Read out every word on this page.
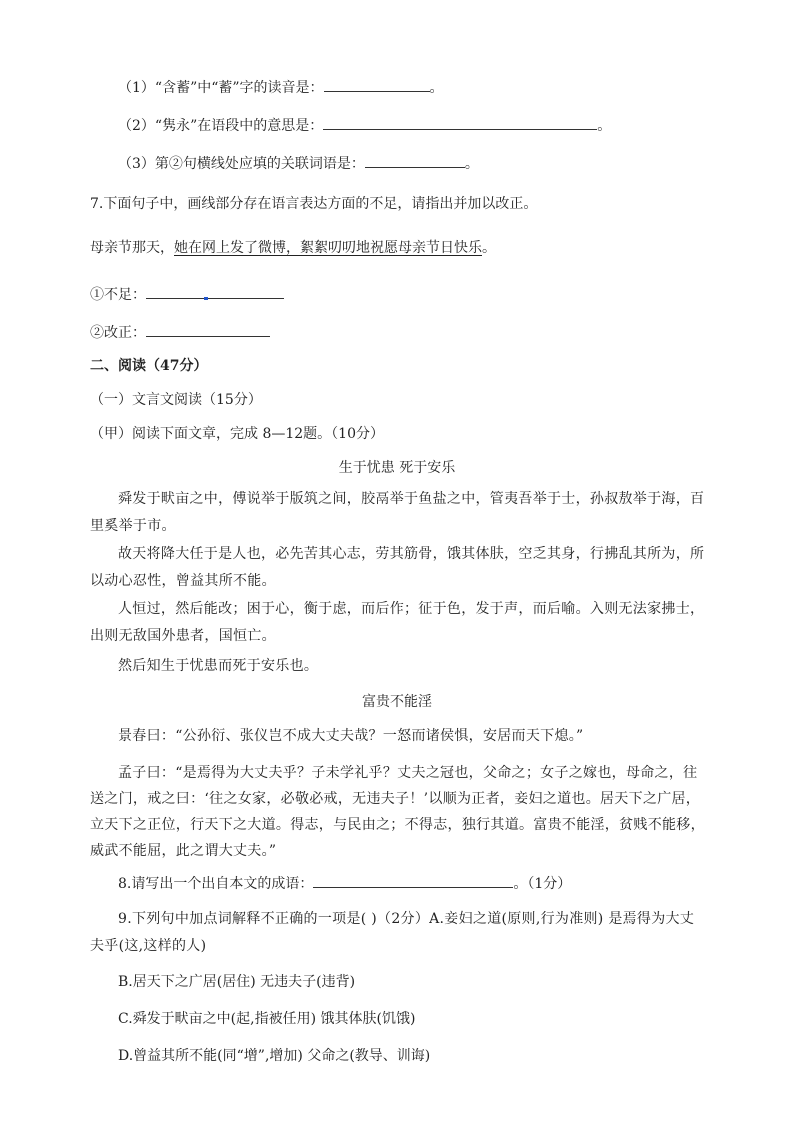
（1）“含蓄”中“蓄”字的读音是：	。
（2）“隽永”在语段中的意思是：	。
（3）第②句横线处应填的关联词语是：	。
7.下面句子中，画线部分存在语言表达方面的不足，请指出并加以改正。
母亲节那天，她在网上发了微博，絮絮叨叨地祝愿母亲节日快乐。
①不足：
②改正：
二、阅读（47分）
（一）文言文阅读（15分）
（甲）阅读下面文章，完成 8—12题。（10分）
生于忧患 死于安乐
舜发于畎亩之中，傅说举于版筑之间，胶鬲举于鱼盐之中，管夷吾举于士，孙叔敖举于海，百里奚举于市。
故天将降大任于是人也，必先苦其心志，劳其筋骨，饿其体肤，空乏其身，行拂乱其所为，所以动心忍性，曾益其所不能。
人恒过，然后能改；困于心，衡于虑，而后作；征于色，发于声，而后喻。入则无法家拂士，出则无敌国外患者，国恒亡。
然后知生于忧患而死于安乐也。
富贵不能淫
景春曰：“公孙衍、张仪岂不成大丈夫哉？一怒而诸侯惧，安居而天下熄。”
孟子曰：“是焉得为大丈夫乎？子未学礼乎？丈夫之冠也，父命之；女子之嫁也，母命之，往送之门，戒之曰：‘往之女家，必敬必戒，无违夫子！’以顺为正者，妾妇之道也。居天下之广居，立天下之正位，行天下之大道。得志，与民由之；不得志，独行其道。富贵不能淫，贫贱不能移，威武不能屈，此之谓大丈夫。”
8.请写出一个出自本文的成语：	。（1分）
9.下列句中加点词解释不正确的一项是( )（2分）A.妾妇之道(原则,行为准则) 是焉得为大丈夫乎(这,这样的人)
B.居天下之广居(居住) 无违夫子(违背)
C.舜发于畎亩之中(起,指被任用) 饿其体肤(饥饿)
D.曾益其所不能(同“增”,增加) 父命之(教导、训诲)
